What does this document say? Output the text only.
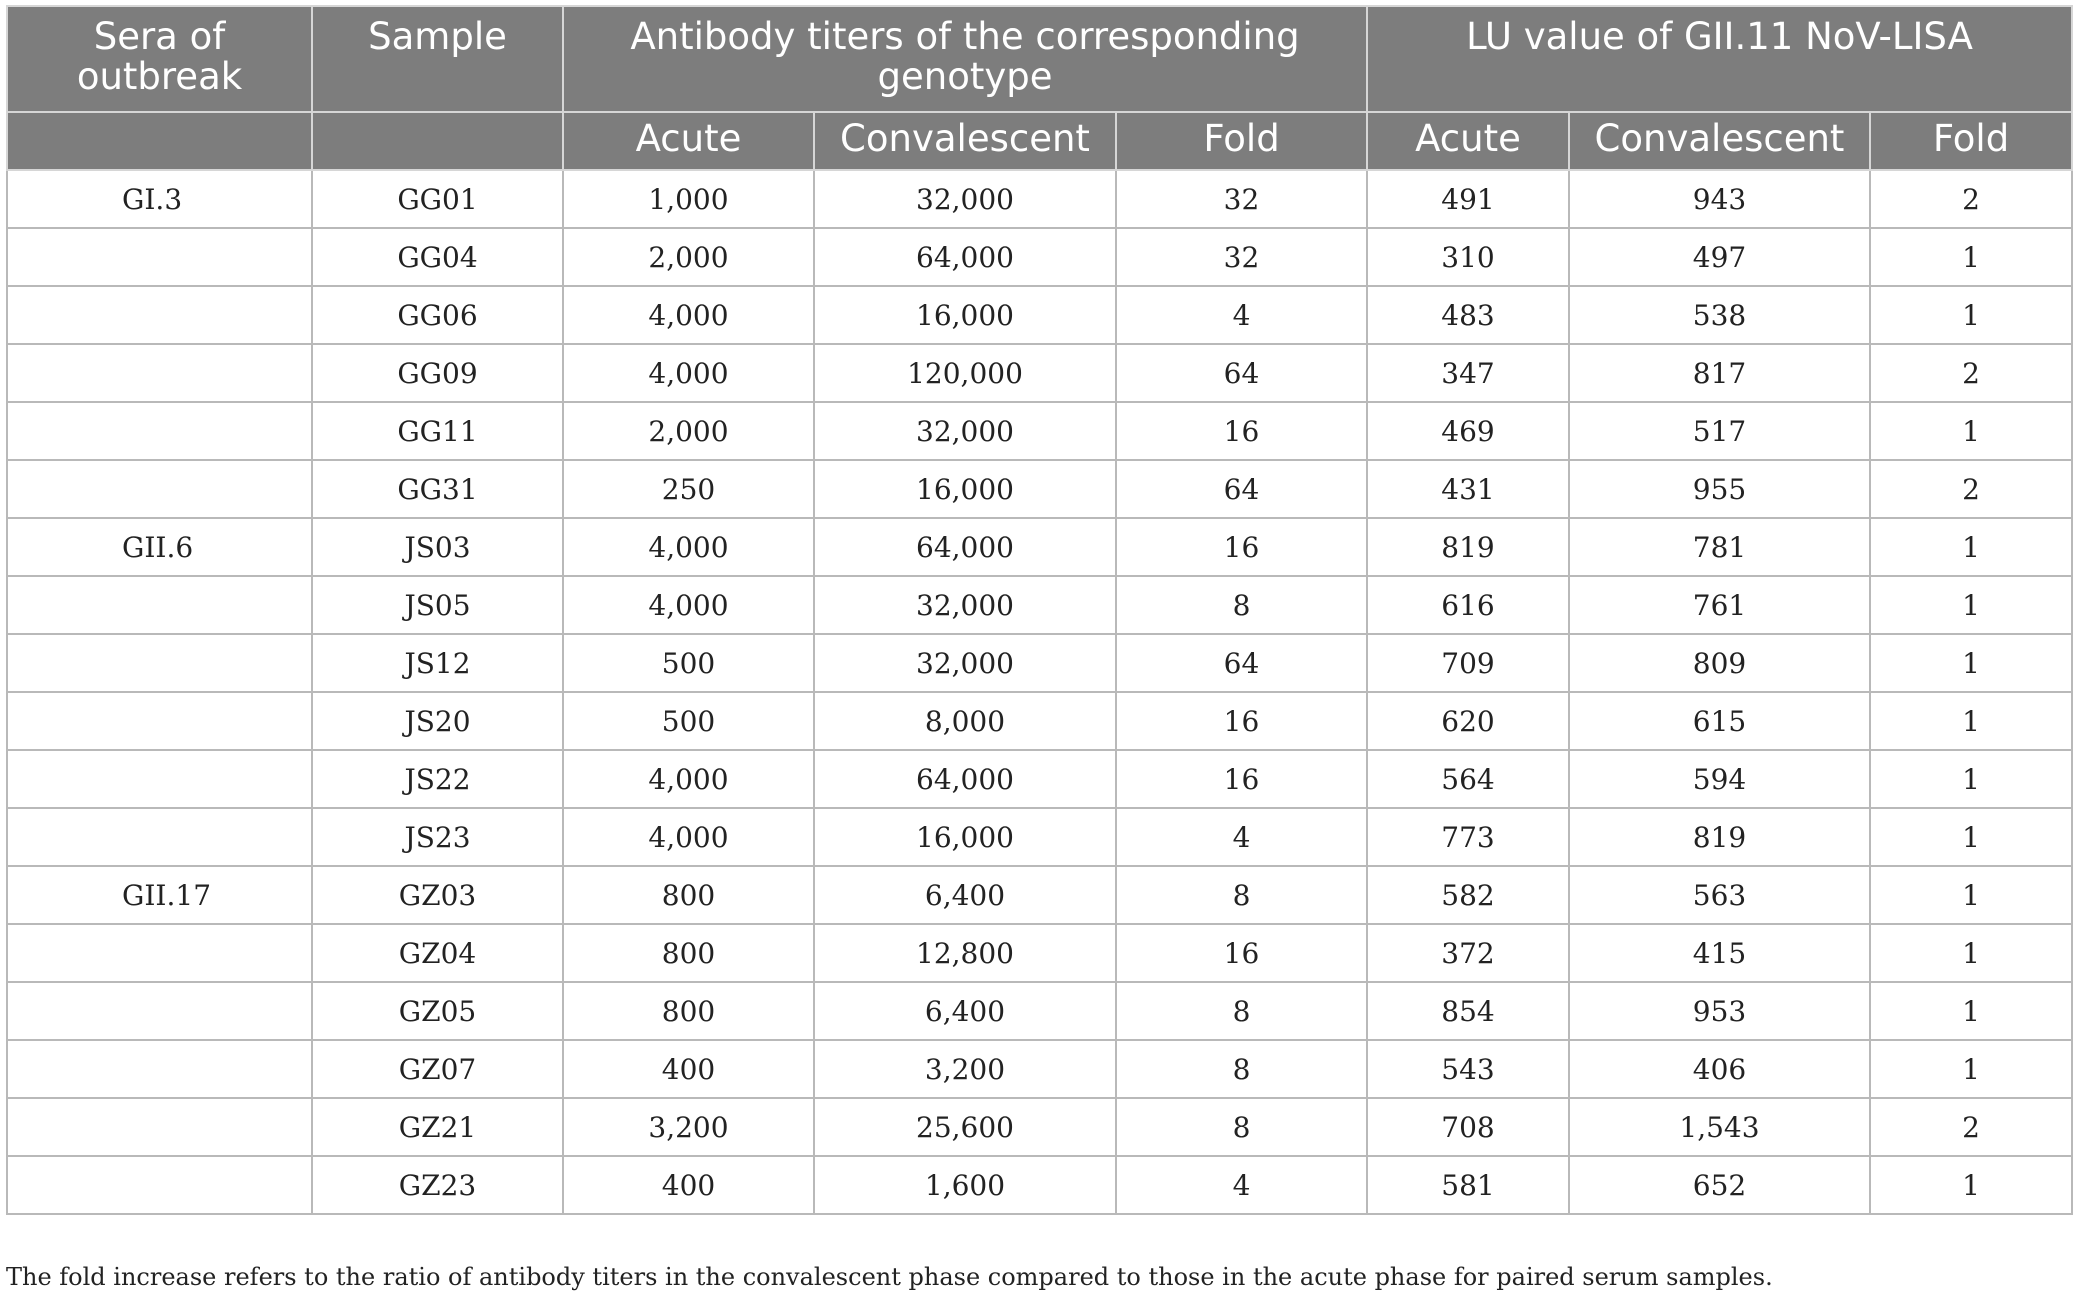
Sera of outbreak	Sample	Antibody titers of the corresponding genotype			LU value of GII.11 NoV-LISA		
		Acute	Convalescent	Fold	Acute	Convalescent	Fold
GI.3	GG01	1,000	32,000	32	491	943	2
	GG04	2,000	64,000	32	310	497	1
	GG06	4,000	16,000	4	483	538	1
	GG09	4,000	120,000	64	347	817	2
	GG11	2,000	32,000	16	469	517	1
	GG31	250	16,000	64	431	955	2
GII.6	JS03	4,000	64,000	16	819	781	1
	JS05	4,000	32,000	8	616	761	1
	JS12	500	32,000	64	709	809	1
	JS20	500	8,000	16	620	615	1
	JS22	4,000	64,000	16	564	594	1
	JS23	4,000	16,000	4	773	819	1
GII.17	GZ03	800	6,400	8	582	563	1
	GZ04	800	12,800	16	372	415	1
	GZ05	800	6,400	8	854	953	1
	GZ07	400	3,200	8	543	406	1
	GZ21	3,200	25,600	8	708	1,543	2
	GZ23	400	1,600	4	581	652	1
The fold increase refers to the ratio of antibody titers in the convalescent phase compared to those in the acute phase for paired serum samples.
